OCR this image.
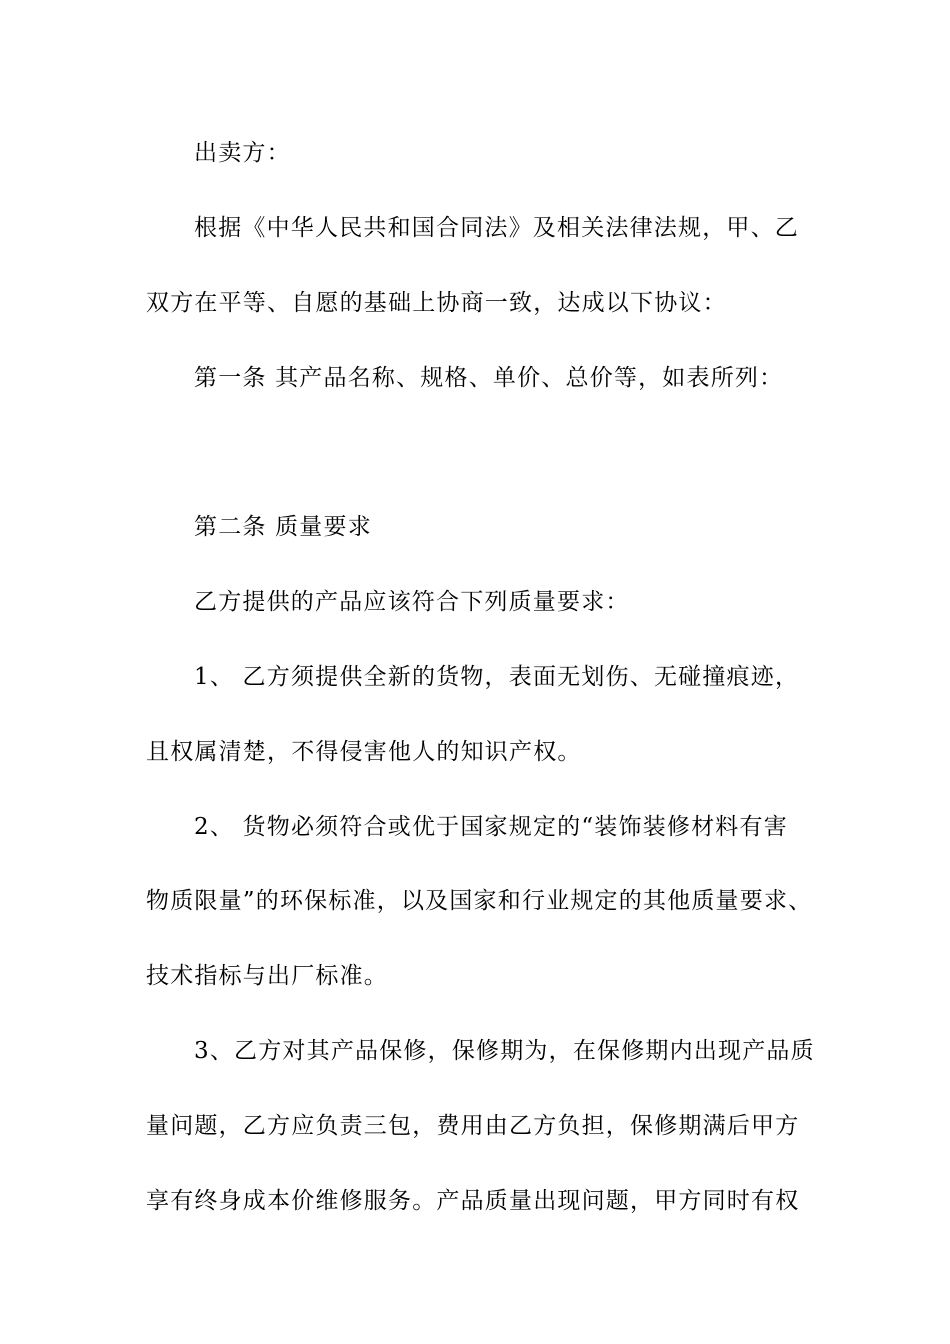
出卖方：
根据《中华人民共和国合同法》及相关法律法规，甲、乙
双方在平等、自愿的基础上协商一致，达成以下协议：
第一条 其产品名称、规格、单价、总价等，如表所列：
第二条 质量要求
乙方提供的产品应该符合下列质量要求：
1、 乙方须提供全新的货物，表面无划伤、无碰撞痕迹，
且权属清楚，不得侵害他人的知识产权。
2、 货物必须符合或优于国家规定的“装饰装修材料有害
物质限量”的环保标准，以及国家和行业规定的其他质量要求、
技术指标与出厂标准。
3、乙方对其产品保修，保修期为，在保修期内出现产品质
量问题，乙方应负责三包，费用由乙方负担，保修期满后甲方
享有终身成本价维修服务。产品质量出现问题，甲方同时有权
